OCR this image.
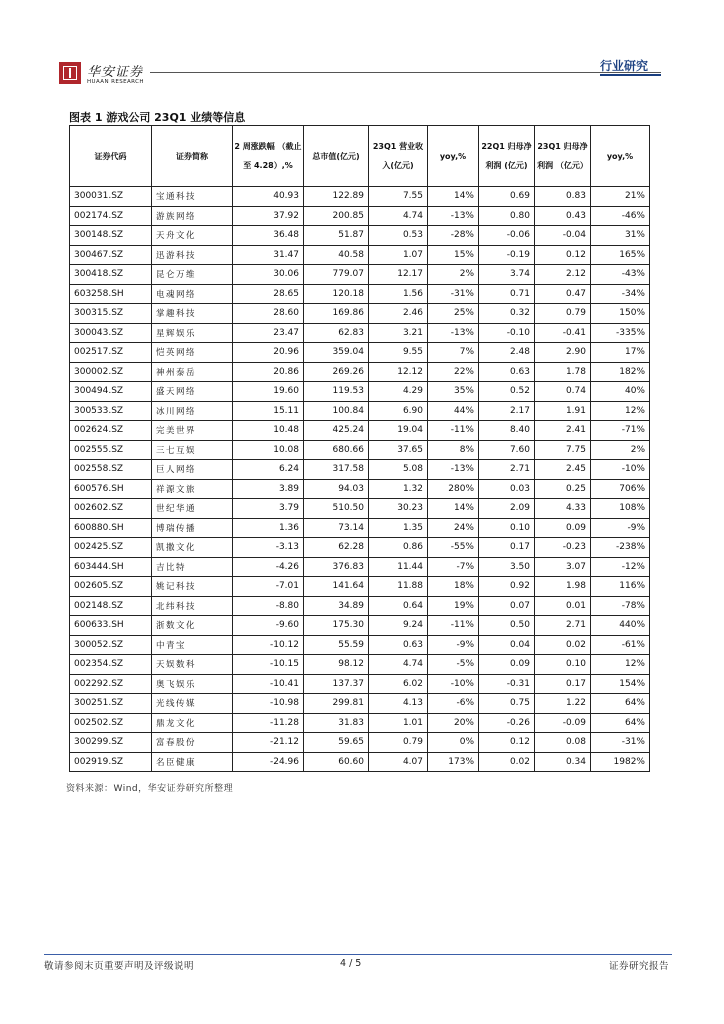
华安证券
HUAAN RESEARCH
行业研究
图表 1 游戏公司 23Q1 业绩等信息
证券代码	证券简称	2 周涨跌幅 （截止至 4.28）,%	总市值(亿元)	23Q1 营业收入(亿元)	yoy,%	22Q1 归母净利润 (亿元)	23Q1 归母净利润 （亿元）	yoy,%
300031.SZ	宝通科技	40.93	122.89	7.55	14%	0.69	0.83	21%
002174.SZ	游族网络	37.92	200.85	4.74	-13%	0.80	0.43	-46%
300148.SZ	天舟文化	36.48	51.87	0.53	-28%	-0.06	-0.04	31%
300467.SZ	迅游科技	31.47	40.58	1.07	15%	-0.19	0.12	165%
300418.SZ	昆仑万维	30.06	779.07	12.17	2%	3.74	2.12	-43%
603258.SH	电魂网络	28.65	120.18	1.56	-31%	0.71	0.47	-34%
300315.SZ	掌趣科技	28.60	169.86	2.46	25%	0.32	0.79	150%
300043.SZ	星辉娱乐	23.47	62.83	3.21	-13%	-0.10	-0.41	-335%
002517.SZ	恺英网络	20.96	359.04	9.55	7%	2.48	2.90	17%
300002.SZ	神州泰岳	20.86	269.26	12.12	22%	0.63	1.78	182%
300494.SZ	盛天网络	19.60	119.53	4.29	35%	0.52	0.74	40%
300533.SZ	冰川网络	15.11	100.84	6.90	44%	2.17	1.91	12%
002624.SZ	完美世界	10.48	425.24	19.04	-11%	8.40	2.41	-71%
002555.SZ	三七互娱	10.08	680.66	37.65	8%	7.60	7.75	2%
002558.SZ	巨人网络	6.24	317.58	5.08	-13%	2.71	2.45	-10%
600576.SH	祥源文旅	3.89	94.03	1.32	280%	0.03	0.25	706%
002602.SZ	世纪华通	3.79	510.50	30.23	14%	2.09	4.33	108%
600880.SH	博瑞传播	1.36	73.14	1.35	24%	0.10	0.09	-9%
002425.SZ	凯撒文化	-3.13	62.28	0.86	-55%	0.17	-0.23	-238%
603444.SH	吉比特	-4.26	376.83	11.44	-7%	3.50	3.07	-12%
002605.SZ	姚记科技	-7.01	141.64	11.88	18%	0.92	1.98	116%
002148.SZ	北纬科技	-8.80	34.89	0.64	19%	0.07	0.01	-78%
600633.SH	浙数文化	-9.60	175.30	9.24	-11%	0.50	2.71	440%
300052.SZ	中青宝	-10.12	55.59	0.63	-9%	0.04	0.02	-61%
002354.SZ	天娱数科	-10.15	98.12	4.74	-5%	0.09	0.10	12%
002292.SZ	奥飞娱乐	-10.41	137.37	6.02	-10%	-0.31	0.17	154%
300251.SZ	光线传媒	-10.98	299.81	4.13	-6%	0.75	1.22	64%
002502.SZ	鼎龙文化	-11.28	31.83	1.01	20%	-0.26	-0.09	64%
300299.SZ	富春股份	-21.12	59.65	0.79	0%	0.12	0.08	-31%
002919.SZ	名臣健康	-24.96	60.60	4.07	173%	0.02	0.34	1982%
资料来源：Wind，华安证券研究所整理
敬请参阅末页重要声明及评级说明	4 / 5	证券研究报告
